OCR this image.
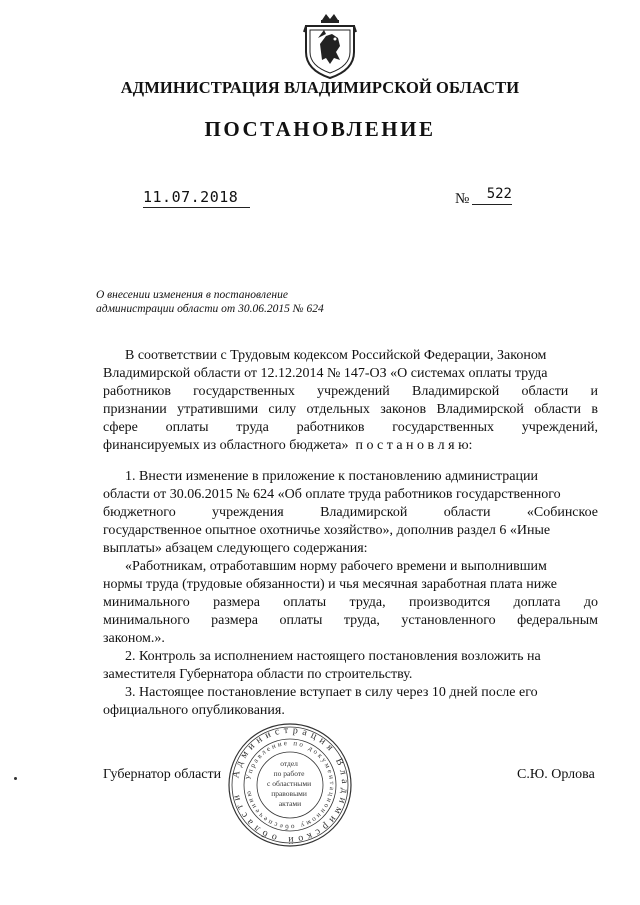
АДМИНИСТРАЦИЯ ВЛАДИМИРСКОЙ ОБЛАСТИ
ПОСТАНОВЛЕНИЕ
11.07.2018	№	522
О внесении изменения в постановление
администрации области от 30.06.2015 № 624
В соответствии с Трудовым кодексом Российской Федерации, Законом
Владимирской области от 12.12.2014 № 147-ОЗ «О системах оплаты труда
работников государственных учреждений Владимирской области и
признании утратившими силу отдельных законов Владимирской области в
сфере оплаты труда работников государственных учреждений,
финансируемых из областного бюджета» п о с т а н о в л я ю:
1. Внести изменение в приложение к постановлению администрации
области от 30.06.2015 № 624 «Об оплате труда работников государственного
бюджетного учреждения Владимирской области «Собинское
государственное опытное охотничье хозяйство», дополнив раздел 6 «Иные
выплаты» абзацем следующего содержания:
«Работникам, отработавшим норму рабочего времени и выполнившим
нормы труда (трудовые обязанности) и чья месячная заработная плата ниже
минимального размера оплаты труда, производится доплата до
минимального размера оплаты труда, установленного федеральным
законом.».
2. Контроль за исполнением настоящего постановления возложить на
заместителя Губернатора области по строительству.
3. Настоящее постановление вступает в силу через 10 дней после его
официального опубликования.
Губернатор области	С.Ю. Орлова
Администрация Владимирской области
Управление по документационному обеспечению
отдел по работе с областными правовыми актами
